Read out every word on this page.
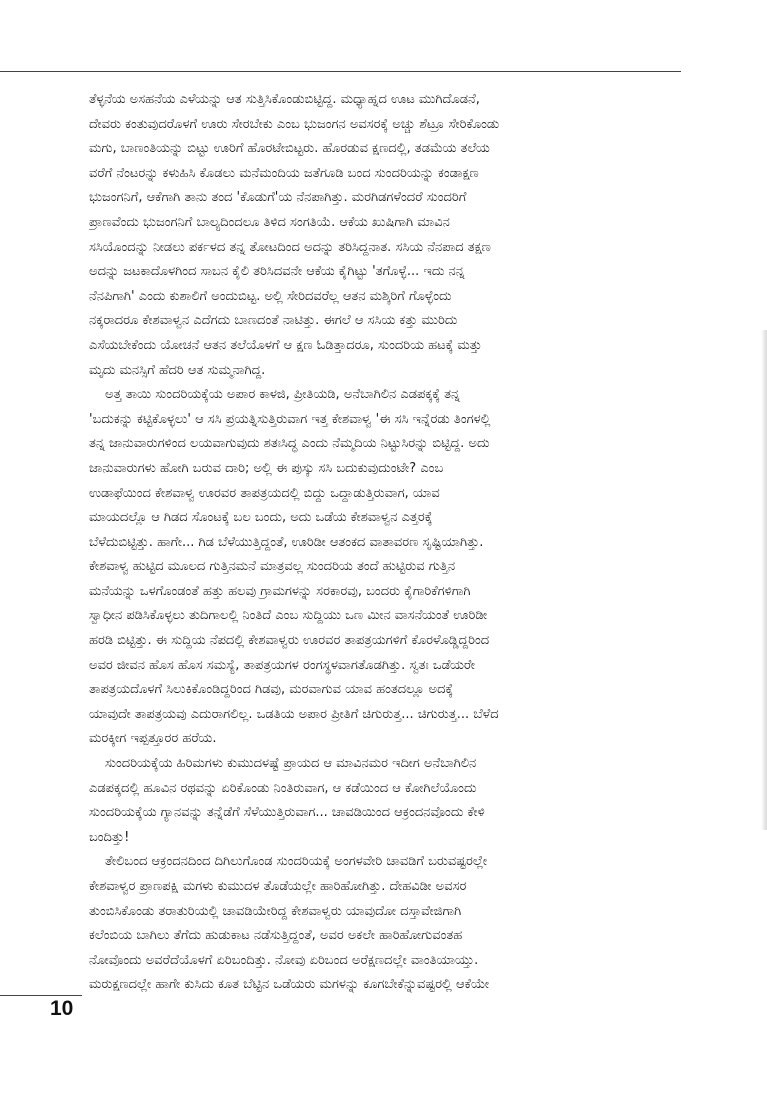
ತೆಳ್ಳನೆಯ ಅಸಹನೆಯ ಎಳೆಯನ್ನು ಆತ ಸುತ್ತಿಸಿಕೊಂಡುಬಿಟ್ಟಿದ್ದ. ಮಧ್ಯಾಹ್ನದ ಊಟ ಮುಗಿದೊಡನೆ,
ದೇವರು ಕಂತುವುದರೊಳಗೆ ಊರು ಸೇರಬೇಕು ಎಂಬ ಭುಜಂಗನ ಅವಸರಕ್ಕೆ ಅಚ್ಚು ಶೆಟ್ರೂ ಸೇರಿಕೊಂಡು
ಮಗು, ಬಾಣಂತಿಯನ್ನು ಬಿಟ್ಟು ಊರಿಗೆ ಹೊರಟೇಬಿಟ್ಟರು. ಹೊರಡುವ ಕ್ಷಣದಲ್ಲಿ, ತಡಮೆಯ ತಲೆಯ
ವರೆಗೆ ನೆಂಟರನ್ನು ಕಳುಹಿಸಿ ಕೊಡಲು ಮನೆಮಂದಿಯ ಜತೆಗೂಡಿ ಬಂದ ಸುಂದರಿಯನ್ನು ಕಂಡಾಕ್ಷಣ
ಭುಜಂಗನಿಗೆ, ಆಕೆಗಾಗಿ ತಾನು ತಂದ 'ಕೊಡುಗೆ'ಯ ನೆನಪಾಗಿತ್ತು. ಮರಗಿಡಗಳೆಂದರೆ ಸುಂದರಿಗೆ
ಪ್ರಾಣವೆಂದು ಭುಜಂಗನಿಗೆ ಬಾಲ್ಯದಿಂದಲೂ ತಿಳಿದ ಸಂಗತಿಯೆ. ಆಕೆಯ ಖುಷಿಗಾಗಿ ಮಾವಿನ
ಸಸಿಯೊಂದನ್ನು ನೀಡಲು ಪರ್ಕಳದ ತನ್ನ ತೋಟದಿಂದ ಅದನ್ನು ತರಿಸಿದ್ದನಾತ. ಸಸಿಯ ನೆನಪಾದ ತಕ್ಷಣ
ಅದನ್ನು ಜಟಕಾದೊಳಗಿಂದ ಸಾಬನ ಕೈಲಿ ತರಿಸಿದವನೇ ಆಕೆಯ ಕೈಗಿಟ್ಟು 'ತಗೊಳ್ಳೆ... ಇದು ನನ್ನ
ನೆನಪಿಗಾಗಿ' ಎಂದು ಕುಶಾಲಿಗೆ ಅಂದುಬಿಟ್ಟ. ಅಲ್ಲಿ ಸೇರಿದವರೆಲ್ಲ ಆತನ ಮಶ್ಕಿರಿಗೆ ಗೊಳ್ಳೆಂದು
ನಕ್ಕರಾದರೂ ಕೇಶವಾಳ್ವನ ಎದೆಗದು ಬಾಣದಂತೆ ನಾಟಿತ್ತು. ಈಗಲೆ ಆ ಸಸಿಯ ಕತ್ತು ಮುರಿದು
ಎಸೆಯಬೇಕೆಂದು ಯೋಚನೆ ಆತನ ತಲೆಯೊಳಗೆ ಆ ಕ್ಷಣ ಓಡಿತ್ತಾದರೂ, ಸುಂದರಿಯ ಹಟಕ್ಕೆ ಮತ್ತು
ಮೃದು ಮನಸ್ಸಿಗೆ ಹೆದರಿ ಆತ ಸುಮ್ಮನಾಗಿದ್ದ.
ಅತ್ತ ತಾಯಿ ಸುಂದರಿಯಕ್ಕೆಯ ಅಪಾರ ಕಾಳಜಿ, ಪ್ರೀತಿಯಡಿ, ಅನೆಬಾಗಿಲಿನ ಎಡಪಕ್ಕಕ್ಕೆ ತನ್ನ
'ಬದುಕನ್ನು ಕಟ್ಟಿಕೊಳ್ಳಲು' ಆ ಸಸಿ ಪ್ರಯತ್ನಿಸುತ್ತಿರುವಾಗ ಇತ್ತ ಕೇಶವಾಳ್ವ 'ಈ ಸಸಿ ಇನ್ನೆರಡು ತಿಂಗಳಲ್ಲಿ
ತನ್ನ ಜಾನುವಾರುಗಳಿಂದ ಲಯವಾಗುವುದು ಶತಃಸಿದ್ಧ ಎಂದು ನೆಮ್ಮದಿಯ ನಿಟ್ಟುಸಿರನ್ನು ಬಿಟ್ಟಿದ್ದ. ಅದು
ಜಾನುವಾರುಗಳು ಹೋಗಿ ಬರುವ ದಾರಿ; ಅಲ್ಲಿ ಈ ಪುಸ್ಕು ಸಸಿ ಬದುಕುವುದುಂಟೇ? ಎಂಬ
ಉಡಾಫೆಯಿಂದ ಕೇಶವಾಳ್ವ ಊರವರ ತಾಪತ್ರಯದಲ್ಲಿ ಬಿದ್ದು ಒದ್ದಾಡುತ್ತಿರುವಾಗ, ಯಾವ
ಮಾಯದಲ್ಲೊ ಆ ಗಿಡದ ಸೊಂಟಕ್ಕೆ ಬಲ ಬಂದು, ಅದು ಒಡೆಯ ಕೇಶವಾಳ್ವನ ಎತ್ತರಕ್ಕೆ
ಬೆಳೆದುಬಿಟ್ಟಿತ್ತು. ಹಾಗೇ... ಗಿಡ ಬೆಳೆಯುತ್ತಿದ್ದಂತೆ, ಊರಿಡೀ ಆತಂಕದ ವಾತಾವರಣ ಸೃಷ್ಟಿಯಾಗಿತ್ತು.
ಕೇಶವಾಳ್ವ ಹುಟ್ಟಿದ ಮೂಲದ ಗುತ್ತಿನಮನೆ ಮಾತ್ರವಲ್ಲ ಸುಂದರಿಯ ತಂದೆ ಹುಟ್ಟಿರುವ ಗುತ್ತಿನ
ಮನೆಯನ್ನು ಒಳಗೊಂಡಂತೆ ಹತ್ತು ಹಲವು ಗ್ರಾಮಗಳನ್ನು ಸರಕಾರವು, ಬಂದರು ಕೈಗಾರಿಕೆಗಳಿಗಾಗಿ
ಸ್ವಾಧೀನ ಪಡಿಸಿಕೊಳ್ಳಲು ತುದಿಗಾಲಲ್ಲಿ ನಿಂತಿದೆ ಎಂಬ ಸುದ್ದಿಯು ಒಣ ಮೀನ ವಾಸನೆಯಂತೆ ಊರಿಡೀ
ಹರಡಿ ಬಿಟ್ಟಿತ್ತು. ಈ ಸುದ್ದಿಯ ನೆಪದಲ್ಲಿ ಕೇಶವಾಳ್ವರು ಊರವರ ತಾಪತ್ರಯಗಳಿಗೆ ಕೊರಳೊಡ್ಡಿದ್ದರಿಂದ
ಅವರ ಜೀವನ ಹೊಸ ಹೊಸ ಸಮಸ್ಯೆ, ತಾಪತ್ರಯಗಳ ರಂಗಸ್ಥಳವಾಗತೊಡಗಿತ್ತು. ಸ್ವತಃ ಒಡೆಯರೇ
ತಾಪತ್ರಯದೊಳಗೆ ಸಿಲುಕಿಕೊಂಡಿದ್ದರಿಂದ ಗಿಡವು, ಮರವಾಗುವ ಯಾವ ಹಂತದಲ್ಲೂ ಅದಕ್ಕೆ
ಯಾವುದೇ ತಾಪತ್ರಯವು ಎದುರಾಗಲಿಲ್ಲ. ಒಡತಿಯ ಅಪಾರ ಪ್ರೀತಿಗೆ ಚಿಗುರುತ್ತ... ಚಿಗುರುತ್ತ... ಬೆಳೆದ
ಮರಕ್ಕೀಗ ಇಪ್ಪತ್ತೂರರ ಹರೆಯ.
ಸುಂದರಿಯಕ್ಕೆಯ ಹಿರಿಮಗಳು ಕುಮುದಳಷ್ಟೆ ಪ್ರಾಯದ ಆ ಮಾವಿನಮರ ಇದೀಗ ಅನೆಬಾಗಿಲಿನ
ಎಡಪಕ್ಕದಲ್ಲಿ ಹೂವಿನ ರಥವನ್ನು ಏರಿಕೊಂಡು ನಿಂತಿರುವಾಗ, ಆ ಕಡೆಯಿಂದ ಆ ಕೋಗಿಲೆಯೊಂದು
ಸುಂದರಿಯಕ್ಕೆಯ ಗ್ಯಾನವನ್ನು ತನ್ನೆಡೆಗೆ ಸೆಳೆಯುತ್ತಿರುವಾಗ... ಚಾವಡಿಯಿಂದ ಆಕ್ರಂದನವೊಂದು ಕೇಳಿ
ಬಂದಿತ್ತು!
ತೇಲಿಬಂದ ಆಕ್ರಂದನದಿಂದ ದಿಗಿಲುಗೊಂಡ ಸುಂದರಿಯಕ್ಕೆ ಅಂಗಳವೇರಿ ಚಾವಡಿಗೆ ಬರುವಷ್ಟರಲ್ಲೇ
ಕೇಶವಾಳ್ವರ ಪ್ರಾಣಪಕ್ಷಿ ಮಗಳು ಕುಮುದಳ ತೊಡೆಯಲ್ಲೇ ಹಾರಿಹೋಗಿತ್ತು. ದೇಹವಿಡೀ ಅವಸರ
ತುಂಬಿಸಿಕೊಂಡು ತರಾತುರಿಯಲ್ಲಿ ಚಾವಡಿಯೇರಿದ್ದ ಕೇಶವಾಳ್ವರು ಯಾವುದೋ ದಸ್ತಾವೇಜಿಗಾಗಿ
ಕಲೆಂಬಿಯ ಬಾಗಿಲು ತೆಗೆದು ಹುಡುಕಾಟ ನಡೆಸುತ್ತಿದ್ದಂತೆ, ಅವರ ಅಕಲೇ ಹಾರಿಹೋಗುವಂತಹ
ನೋವೊಂದು ಅವರೆದೆಯೊಳಗೆ ಏರಿಬಂದಿತ್ತು. ನೋವು ಏರಿಬಂದ ಅರೆಕ್ಷಣದಲ್ಲೇ ವಾಂತಿಯಾಯ್ತು.
ಮರುಕ್ಷಣದಲ್ಲೇ ಹಾಗೇ ಕುಸಿದು ಕೂತ ಬೆಟ್ಟಿನ ಒಡೆಯರು ಮಗಳನ್ನು ಕೂಗಬೇಕೆನ್ನುವಷ್ಟರಲ್ಲಿ ಆಕೆಯೇ
10
